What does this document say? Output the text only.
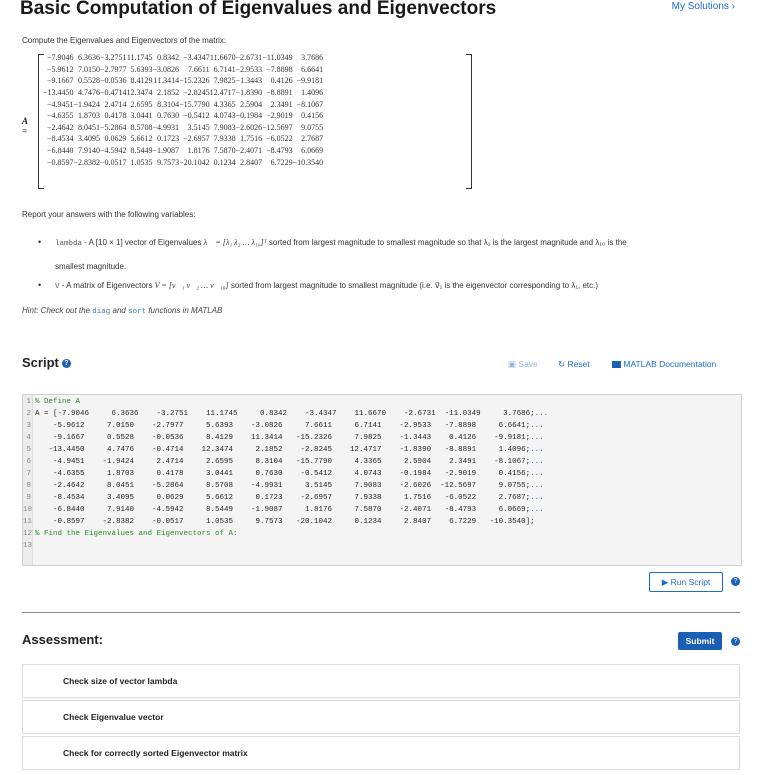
Basic Computation of Eigenvalues and Eigenvectors	My Solutions ›
Compute the Eigenvalues and Eigenvectors of the matrix:
A =
−7.9046	6.3636	−3.2751	11.1745	0.8342	−3.4347	11.6670	−2.6731	−11.0349	3.7686
−5.9612	7.0150	−2.7977	5.6393	−3.0826	7.6611	6.7141	−2.9533	−7.8898	6.6641
−9.1667	0.5528	−0.0536	8.4129	11.3414	−15.2326	7.9825	−1.3443	0.4126	−9.9181
−13.4450	4.7476	−0.4714	12.3474	2.1852	−2.8245	12.4717	−1.8390	−8.8891	1.4096
−4.9451	−1.9424	2.4714	2.6595	8.3104	−15.7790	4.3365	2.5904	2.3491	−8.1067
−4.6355	1.8703	0.4178	3.0441	0.7630	−0.5412	4.0743	−0.1984	−2.9019	0.4156
−2.4642	8.0451	−5.2864	8.5708	−4.9931	3.5145	7.9083	−2.6026	−12.5697	9.0755
−8.4534	3.4095	0.0629	5.6612	0.1723	−2.6957	7.9338	1.7516	−6.0522	2.7687
−6.8440	7.9140	−4.5942	8.5449	−1.9087	1.8176	7.5870	−2.4071	−8.4793	6.0669
−0.8597	−2.8382	−0.0517	1.0535	9.7573	−20.1042	0.1234	2.8407	6.7229	−10.3540
Report your answers with the following variables:
• lambda - A [10 × 1] vector of Eigenvalues λ⃗ = [λ₁ λ₂ … λ₁₀]ᵀ sorted from largest magnitude to smallest magnitude so that λ₁ is the largest magnitude and λ₁₀ is the
smallest magnitude.
• V - A matrix of Eigenvectors V = [v⃗₁ v⃗₂ … v⃗₁₀] sorted from largest magnitude to smallest magnitude (i.e. v⃗₁ is the eigenvector corresponding to λ₁, etc.)
Hint: Check out the diag and sort functions in MATLAB
Script ?	▣ Save ↻ Reset	MATLAB Documentation
1 % Define A
2 A = [-7.9046     6.3636    -3.2751    11.1745     0.8342    -3.4347    11.6670    -2.6731  -11.0349     3.7686;...
3 -5.9612     7.0150    -2.7977     5.6393    -3.0826     7.6611     6.7141    -2.9533   -7.8898     6.6641;...
4 -9.1667     0.5528    -0.0536     8.4129    11.3414   -15.2326     7.9825    -1.3443    0.4126    -9.9181;...
5 -13.4450     4.7476    -0.4714    12.3474     2.1852    -2.8245    12.4717    -1.8390   -8.8891     1.4096;...
6 -4.9451    -1.9424     2.4714     2.6595     8.3104   -15.7790     4.3365     2.5904    2.3491    -8.1067;...
7 -4.6355     1.8703     0.4178     3.0441     0.7630    -0.5412     4.0743    -0.1984   -2.9019     0.4156;...
8 -2.4642     8.0451    -5.2864     8.5708    -4.9931     3.5145     7.9083    -2.6026  -12.5697     9.0755;...
9 -8.4534     3.4095     0.0629     5.6612     0.1723    -2.6957     7.9338     1.7516   -6.0522     2.7687;...
10 -6.8440     7.9140    -4.5942     8.5449    -1.9087     1.8176     7.5870    -2.4071   -8.4793     6.0669;...
11 -0.8597    -2.8382    -0.0517     1.0535     9.7573   -20.1042     0.1234     2.8407    6.7229   -10.3540];
12 % Find the Eigenvalues and Eigenvectors of A:
13
▶ Run Script	?
Assessment:	Submit	?
Check size of vector lambda
Check Eigenvalue vector
Check for correctly sorted Eigenvector matrix
